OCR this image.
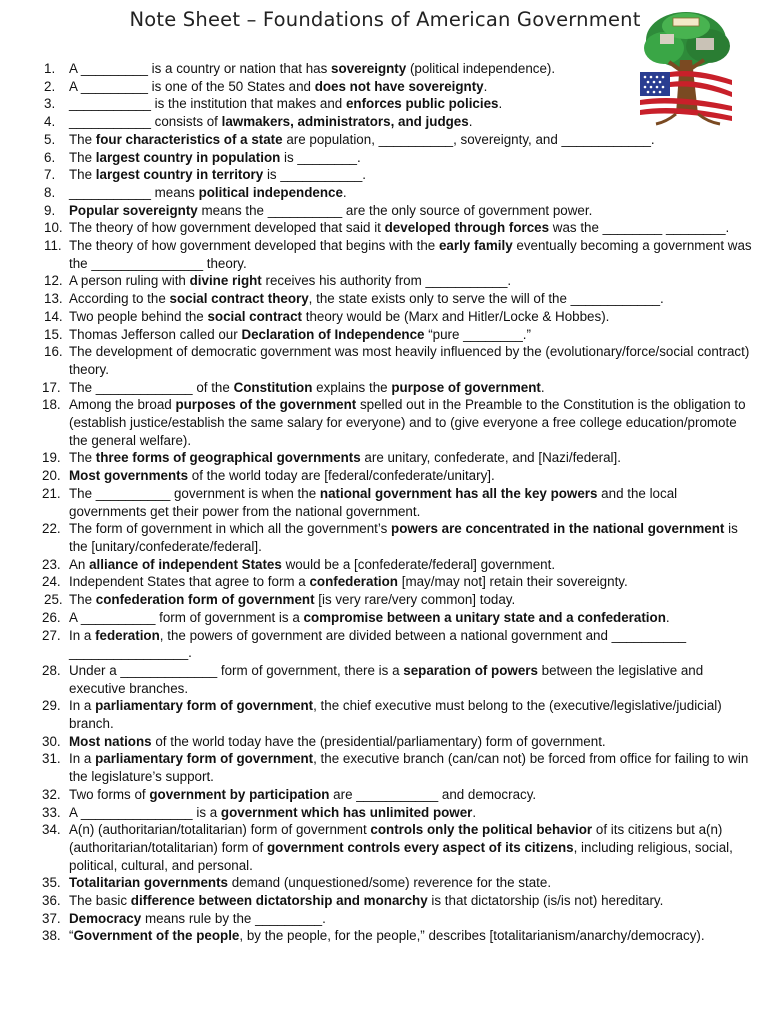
Note Sheet – Foundations of American Government
1.	A _________ is a country or nation that has sovereignty (political independence).
2.	A _________ is one of the 50 States and does not have sovereignty.
3.	___________ is the institution that makes and enforces public policies.
4.	___________ consists of lawmakers, administrators, and judges.
5.	The four characteristics of a state are population, __________, sovereignty, and ____________.
6.	The largest country in population is ________.
7.	The largest country in territory is ___________.
8.	___________ means political independence.
9.	Popular sovereignty means the __________ are the only source of government power.
10. The theory of how government developed that said it developed through forces was the ________ ________.
11. The theory of how government developed that begins with the early family eventually becoming a government was the _______________ theory.
12. A person ruling with divine right receives his authority from ___________.
13. According to the social contract theory, the state exists only to serve the will of the ____________.
14. Two people behind the social contract theory would be (Marx and Hitler/Locke & Hobbes).
15. Thomas Jefferson called our Declaration of Independence “pure ________.”
16. The development of democratic government was most heavily influenced by the (evolutionary/force/social contract) theory.
17. The _____________ of the Constitution explains the purpose of government.
18. Among the broad purposes of the government spelled out in the Preamble to the Constitution is the obligation to (establish justice/establish the same salary for everyone) and to (give everyone a free college education/promote the general welfare).
19. The three forms of geographical governments are unitary, confederate, and [Nazi/federal].
20. Most governments of the world today are [federal/confederate/unitary].
21. The __________ government is when the national government has all the key powers and the local governments get their power from the national government.
22. The form of government in which all the government’s powers are concentrated in the national government is the [unitary/confederate/federal].
23. An alliance of independent States would be a [confederate/federal] government.
24. Independent States that agree to form a confederation [may/may not] retain their sovereignty.
25. The confederation form of government [is very rare/very common] today.
26. A __________ form of government is a compromise between a unitary state and a confederation.
27. In a federation, the powers of government are divided between a national government and __________ ________________.
28. Under a _____________ form of government, there is a separation of powers between the legislative and executive branches.
29. In a parliamentary form of government, the chief executive must belong to the (executive/legislative/judicial) branch.
30. Most nations of the world today have the (presidential/parliamentary) form of government.
31. In a parliamentary form of government, the executive branch (can/can not) be forced from office for failing to win the legislature’s support.
32. Two forms of government by participation are ___________ and democracy.
33. A _______________ is a government which has unlimited power.
34. A(n) (authoritarian/totalitarian) form of government controls only the political behavior of its citizens but a(n) (authoritarian/totalitarian) form of government controls every aspect of its citizens, including religious, social, political, cultural, and personal.
35. Totalitarian governments demand (unquestioned/some) reverence for the state.
36. The basic difference between dictatorship and monarchy is that dictatorship (is/is not) hereditary.
37. Democracy means rule by the _________.
38. “Government of the people, by the people, for the people,” describes [totalitarianism/anarchy/democracy).
